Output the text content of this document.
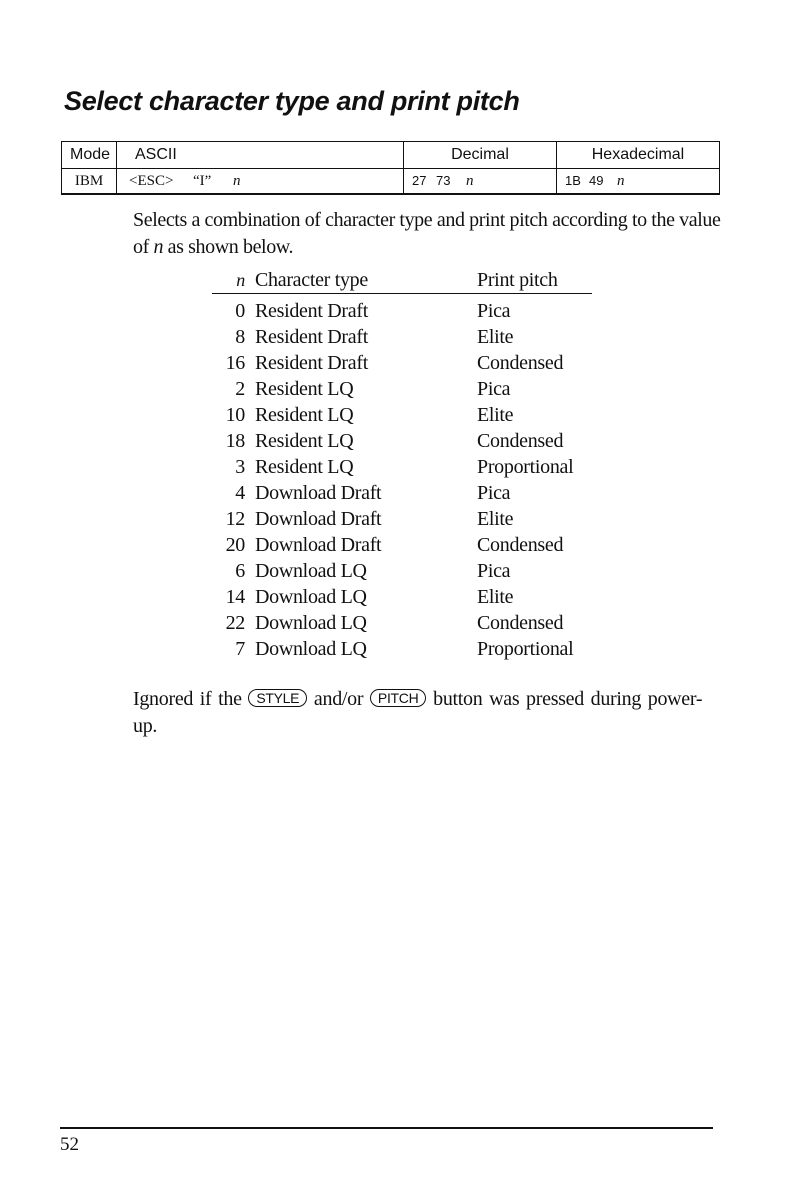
Select character type and print pitch
Mode	ASCII	Decimal	Hexadecimal
IBM	<ESC> “I” n	27 73 n	1B 49 n

Selects a combination of character type and print pitch according to the value of n as shown below.

n Character type	Print pitch
0 Resident Draft	Pica
8 Resident Draft	Elite
16 Resident Draft	Condensed
2 Resident LQ	Pica
10 Resident LQ	Elite
18 Resident LQ	Condensed
3 Resident LQ	Proportional
4 Download Draft	Pica
12 Download Draft	Elite
20 Download Draft	Condensed
6 Download LQ	Pica
14 Download LQ	Elite
22 Download LQ	Condensed
7 Download LQ	Proportional

Ignored if the STYLE and/or PITCH button was pressed during power-up.

52
